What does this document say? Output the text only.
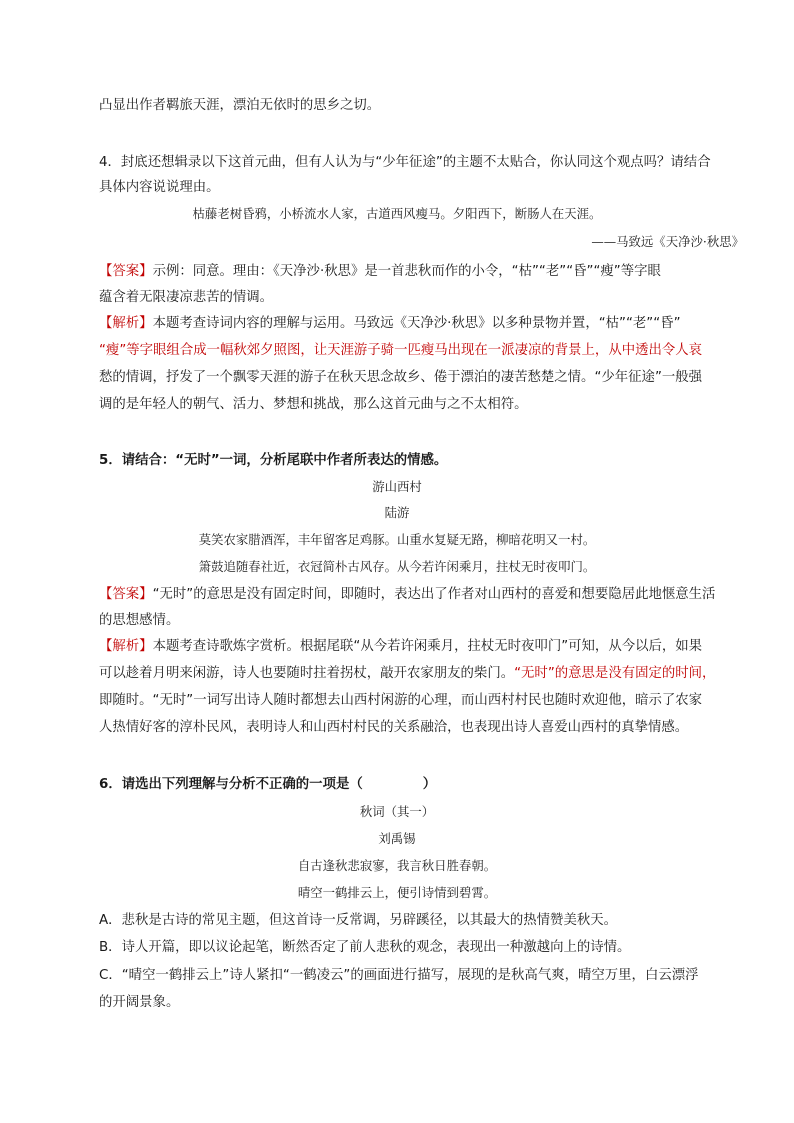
凸显出作者羁旅天涯，漂泊无依时的思乡之切。
4．封底还想辑录以下这首元曲，但有人认为与“少年征途”的主题不太贴合，你认同这个观点吗？请结合
具体内容说说理由。
枯藤老树昏鸦，小桥流水人家，古道西风瘦马。夕阳西下，断肠人在天涯。
——马致远《天净沙·秋思》
【答案】示例：同意。理由：《天净沙·秋思》是一首悲秋而作的小令，“枯”“老”“昏”“瘦”等字眼
蕴含着无限凄凉悲苦的情调。
【解析】本题考查诗词内容的理解与运用。马致远《天净沙·秋思》以多种景物并置，“枯”“老”“昏”
“瘦”等字眼组合成一幅秋郊夕照图，让天涯游子骑一匹瘦马出现在一派凄凉的背景上，从中透出令人哀
愁的情调，抒发了一个飘零天涯的游子在秋天思念故乡、倦于漂泊的凄苦愁楚之情。“少年征途”一般强
调的是年轻人的朝气、活力、梦想和挑战，那么这首元曲与之不太相符。
5．请结合：“无时”一词，分析尾联中作者所表达的情感。
游山西村
陆游
莫笑农家腊酒浑，丰年留客足鸡豚。山重水复疑无路，柳暗花明又一村。
箫鼓追随春社近，衣冠简朴古风存。从今若许闲乘月，拄杖无时夜叩门。
【答案】“无时”的意思是没有固定时间，即随时，表达出了作者对山西村的喜爱和想要隐居此地惬意生活
的思想感情。
【解析】本题考查诗歌炼字赏析。根据尾联“从今若许闲乘月，拄杖无时夜叩门”可知，从今以后，如果
可以趁着月明来闲游，诗人也要随时拄着拐杖，敲开农家朋友的柴门。“无时”的意思是没有固定的时间，
即随时。“无时”一词写出诗人随时都想去山西村闲游的心理，而山西村村民也随时欢迎他，暗示了农家
人热情好客的淳朴民风，表明诗人和山西村村民的关系融洽，也表现出诗人喜爱山西村的真挚情感。
6．请选出下列理解与分析不正确的一项是（	）
秋词（其一）
刘禹锡
自古逢秋悲寂寥，我言秋日胜春朝。
晴空一鹤排云上，便引诗情到碧霄。
A．悲秋是古诗的常见主题，但这首诗一反常调，另辟蹊径，以其最大的热情赞美秋天。
B．诗人开篇，即以议论起笔，断然否定了前人悲秋的观念，表现出一种激越向上的诗情。
C．“晴空一鹤排云上”诗人紧扣“一鹤凌云”的画面进行描写，展现的是秋高气爽，晴空万里，白云漂浮
的开阔景象。
